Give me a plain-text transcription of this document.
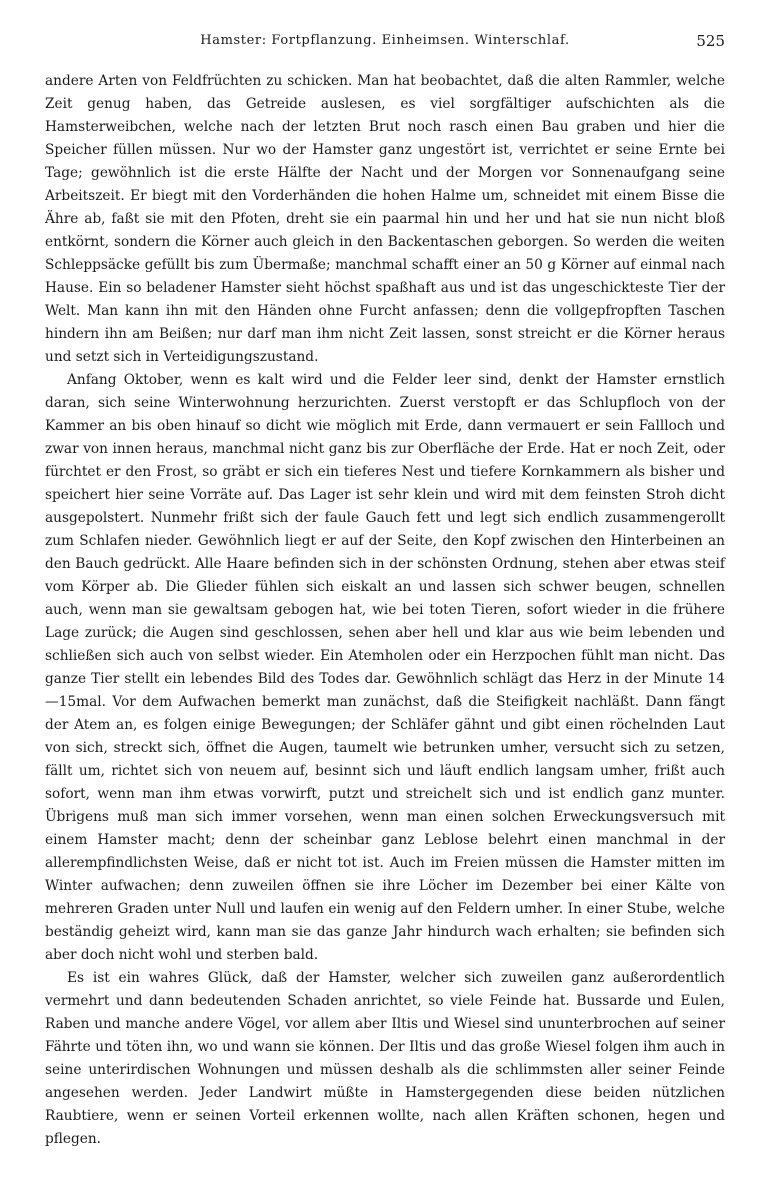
Hamster: Fortpflanzung. Einheimsen. Winterschlaf.	525

andere Arten von Feldfrüchten zu schicken. Man hat beobachtet, daß die alten Rammler, welche Zeit genug haben, das Getreide auslesen, es viel sorgfältiger aufschichten als die Hamsterweibchen, welche nach der letzten Brut noch rasch einen Bau graben und hier die Speicher füllen müssen. Nur wo der Hamster ganz ungestört ist, verrichtet er seine Ernte bei Tage; gewöhnlich ist die erste Hälfte der Nacht und der Morgen vor Sonnenaufgang seine Arbeitszeit. Er biegt mit den Vorderhänden die hohen Halme um, schneidet mit einem Bisse die Ähre ab, faßt sie mit den Pfoten, dreht sie ein paarmal hin und her und hat sie nun nicht bloß entkörnt, sondern die Körner auch gleich in den Backentaschen geborgen. So werden die weiten Schleppsäcke gefüllt bis zum Übermaße; manchmal schafft einer an 50 g Körner auf einmal nach Hause. Ein so beladener Hamster sieht höchst spaßhaft aus und ist das ungeschickteste Tier der Welt. Man kann ihn mit den Händen ohne Furcht anfassen; denn die vollgepfropften Taschen hindern ihn am Beißen; nur darf man ihm nicht Zeit lassen, sonst streicht er die Körner heraus und setzt sich in Verteidigungszustand.

Anfang Oktober, wenn es kalt wird und die Felder leer sind, denkt der Hamster ernstlich daran, sich seine Winterwohnung herzurichten. Zuerst verstopft er das Schlupfloch von der Kammer an bis oben hinauf so dicht wie möglich mit Erde, dann vermauert er sein Fallloch und zwar von innen heraus, manchmal nicht ganz bis zur Oberfläche der Erde. Hat er noch Zeit, oder fürchtet er den Frost, so gräbt er sich ein tieferes Nest und tiefere Kornkammern als bisher und speichert hier seine Vorräte auf. Das Lager ist sehr klein und wird mit dem feinsten Stroh dicht ausgepolstert. Nunmehr frißt sich der faule Gauch fett und legt sich endlich zusammengerollt zum Schlafen nieder. Gewöhnlich liegt er auf der Seite, den Kopf zwischen den Hinterbeinen an den Bauch gedrückt. Alle Haare befinden sich in der schönsten Ordnung, stehen aber etwas steif vom Körper ab. Die Glieder fühlen sich eiskalt an und lassen sich schwer beugen, schnellen auch, wenn man sie gewaltsam gebogen hat, wie bei toten Tieren, sofort wieder in die frühere Lage zurück; die Augen sind geschlossen, sehen aber hell und klar aus wie beim lebenden und schließen sich auch von selbst wieder. Ein Atemholen oder ein Herzpochen fühlt man nicht. Das ganze Tier stellt ein lebendes Bild des Todes dar. Gewöhnlich schlägt das Herz in der Minute 14—15mal. Vor dem Aufwachen bemerkt man zunächst, daß die Steifigkeit nachläßt. Dann fängt der Atem an, es folgen einige Bewegungen; der Schläfer gähnt und gibt einen röchelnden Laut von sich, streckt sich, öffnet die Augen, taumelt wie betrunken umher, versucht sich zu setzen, fällt um, richtet sich von neuem auf, besinnt sich und läuft endlich langsam umher, frißt auch sofort, wenn man ihm etwas vorwirft, putzt und streichelt sich und ist endlich ganz munter. Übrigens muß man sich immer vorsehen, wenn man einen solchen Erweckungsversuch mit einem Hamster macht; denn der scheinbar ganz Leblose belehrt einen manchmal in der allerempfindlichsten Weise, daß er nicht tot ist. Auch im Freien müssen die Hamster mitten im Winter aufwachen; denn zuweilen öffnen sie ihre Löcher im Dezember bei einer Kälte von mehreren Graden unter Null und laufen ein wenig auf den Feldern umher. In einer Stube, welche beständig geheizt wird, kann man sie das ganze Jahr hindurch wach erhalten; sie befinden sich aber doch nicht wohl und sterben bald.

Es ist ein wahres Glück, daß der Hamster, welcher sich zuweilen ganz außerordentlich vermehrt und dann bedeutenden Schaden anrichtet, so viele Feinde hat. Bussarde und Eulen, Raben und manche andere Vögel, vor allem aber Iltis und Wiesel sind ununterbrochen auf seiner Fährte und töten ihn, wo und wann sie können. Der Iltis und das große Wiesel folgen ihm auch in seine unterirdischen Wohnungen und müssen deshalb als die schlimmsten aller seiner Feinde angesehen werden. Jeder Landwirt müßte in Hamstergegenden diese beiden nützlichen Raubtiere, wenn er seinen Vorteil erkennen wollte, nach allen Kräften schonen, hegen und pflegen.
